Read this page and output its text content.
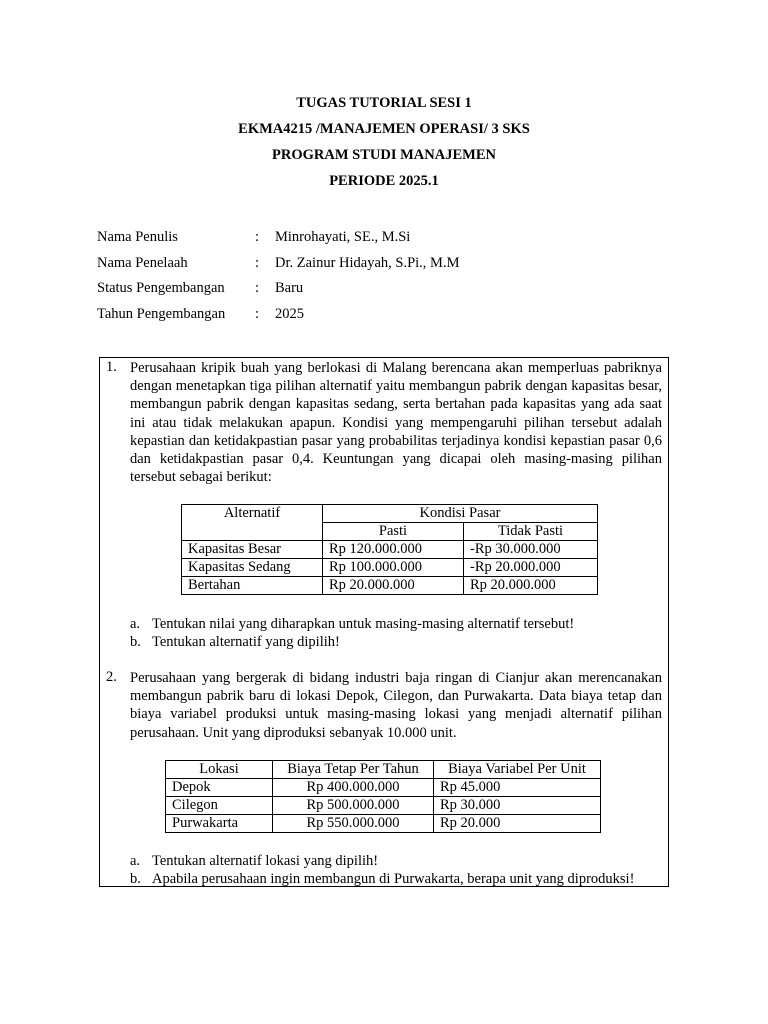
TUGAS TUTORIAL SESI 1
EKMA4215 /MANAJEMEN OPERASI/ 3 SKS
PROGRAM STUDI MANAJEMEN
PERIODE 2025.1
Nama Penulis	:	Minrohayati, SE., M.Si
Nama Penelaah	:	Dr. Zainur Hidayah, S.Pi., M.M
Status Pengembangan	:	Baru
Tahun Pengembangan	:	2025
1. Perusahaan kripik buah yang berlokasi di Malang berencana akan memperluas pabriknya dengan menetapkan tiga pilihan alternatif yaitu membangun pabrik dengan kapasitas besar, membangun pabrik dengan kapasitas sedang, serta bertahan pada kapasitas yang ada saat ini atau tidak melakukan apapun. Kondisi yang mempengaruhi pilihan tersebut adalah kepastian dan ketidakpastian pasar yang probabilitas terjadinya kondisi kepastian pasar 0,6 dan ketidakpastian pasar 0,4. Keuntungan yang dicapai oleh masing-masing pilihan tersebut sebagai berikut:
Alternatif	Kondisi Pasar	
	Pasti	Tidak Pasti
Kapasitas Besar	Rp 120.000.000	-Rp 30.000.000
Kapasitas Sedang	Rp 100.000.000	-Rp 20.000.000
Bertahan	Rp 20.000.000	Rp 20.000.000
a. Tentukan nilai yang diharapkan untuk masing-masing alternatif tersebut!
b. Tentukan alternatif yang dipilih!
2. Perusahaan yang bergerak di bidang industri baja ringan di Cianjur akan merencanakan membangun pabrik baru di lokasi Depok, Cilegon, dan Purwakarta. Data biaya tetap dan biaya variabel produksi untuk masing-masing lokasi yang menjadi alternatif pilihan perusahaan. Unit yang diproduksi sebanyak 10.000 unit.
Lokasi	Biaya Tetap Per Tahun	Biaya Variabel Per Unit
Depok	Rp 400.000.000	Rp 45.000
Cilegon	Rp 500.000.000	Rp 30.000
Purwakarta	Rp 550.000.000	Rp 20.000
a. Tentukan alternatif lokasi yang dipilih!
b. Apabila perusahaan ingin membangun di Purwakarta, berapa unit yang diproduksi!
